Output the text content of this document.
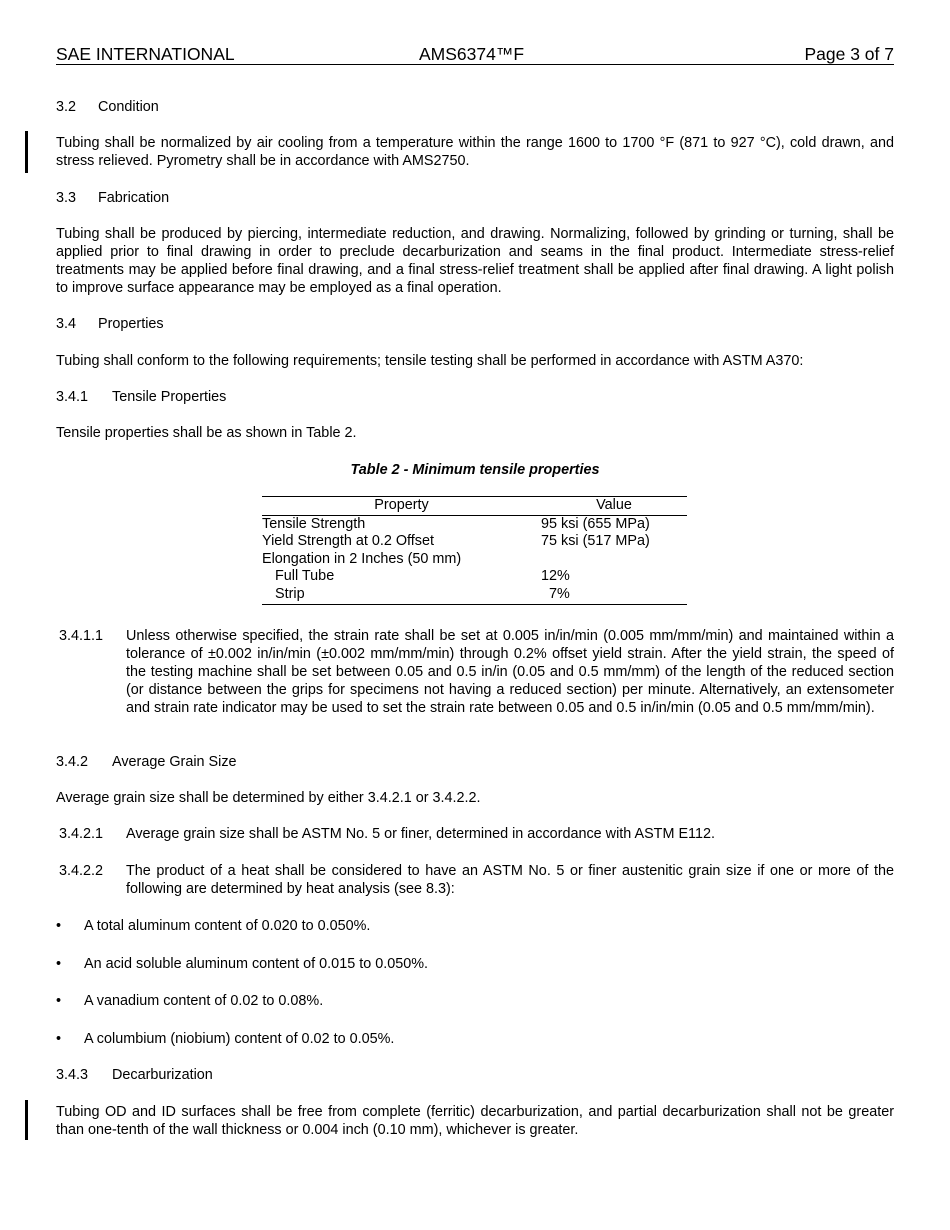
SAE INTERNATIONAL	AMS6374™F	Page 3 of 7
3.2 Condition
Tubing shall be normalized by air cooling from a temperature within the range 1600 to 1700 °F (871 to 927 °C), cold drawn, and stress relieved. Pyrometry shall be in accordance with AMS2750.
3.3 Fabrication
Tubing shall be produced by piercing, intermediate reduction, and drawing. Normalizing, followed by grinding or turning, shall be applied prior to final drawing in order to preclude decarburization and seams in the final product. Intermediate stress-relief treatments may be applied before final drawing, and a final stress-relief treatment shall be applied after final drawing. A light polish to improve surface appearance may be employed as a final operation.
3.4 Properties
Tubing shall conform to the following requirements; tensile testing shall be performed in accordance with ASTM A370:
3.4.1 Tensile Properties
Tensile properties shall be as shown in Table 2.
Table 2 - Minimum tensile properties
Property	Value
Tensile Strength	95 ksi (655 MPa)
Yield Strength at 0.2 Offset	75 ksi (517 MPa)
Elongation in 2 Inches (50 mm)	
Full Tube	12%
Strip	7%
3.4.1.1 Unless otherwise specified, the strain rate shall be set at 0.005 in/in/min (0.005 mm/mm/min) and maintained within a tolerance of ±0.002 in/in/min (±0.002 mm/mm/min) through 0.2% offset yield strain. After the yield strain, the speed of the testing machine shall be set between 0.05 and 0.5 in/in (0.05 and 0.5 mm/mm) of the length of the reduced section (or distance between the grips for specimens not having a reduced section) per minute. Alternatively, an extensometer and strain rate indicator may be used to set the strain rate between 0.05 and 0.5 in/in/min (0.05 and 0.5 mm/mm/min).
3.4.2 Average Grain Size
Average grain size shall be determined by either 3.4.2.1 or 3.4.2.2.
3.4.2.1 Average grain size shall be ASTM No. 5 or finer, determined in accordance with ASTM E112.
3.4.2.2 The product of a heat shall be considered to have an ASTM No. 5 or finer austenitic grain size if one or more of the following are determined by heat analysis (see 8.3):
• A total aluminum content of 0.020 to 0.050%.
• An acid soluble aluminum content of 0.015 to 0.050%.
• A vanadium content of 0.02 to 0.08%.
• A columbium (niobium) content of 0.02 to 0.05%.
3.4.3 Decarburization
Tubing OD and ID surfaces shall be free from complete (ferritic) decarburization, and partial decarburization shall not be greater than one-tenth of the wall thickness or 0.004 inch (0.10 mm), whichever is greater.
